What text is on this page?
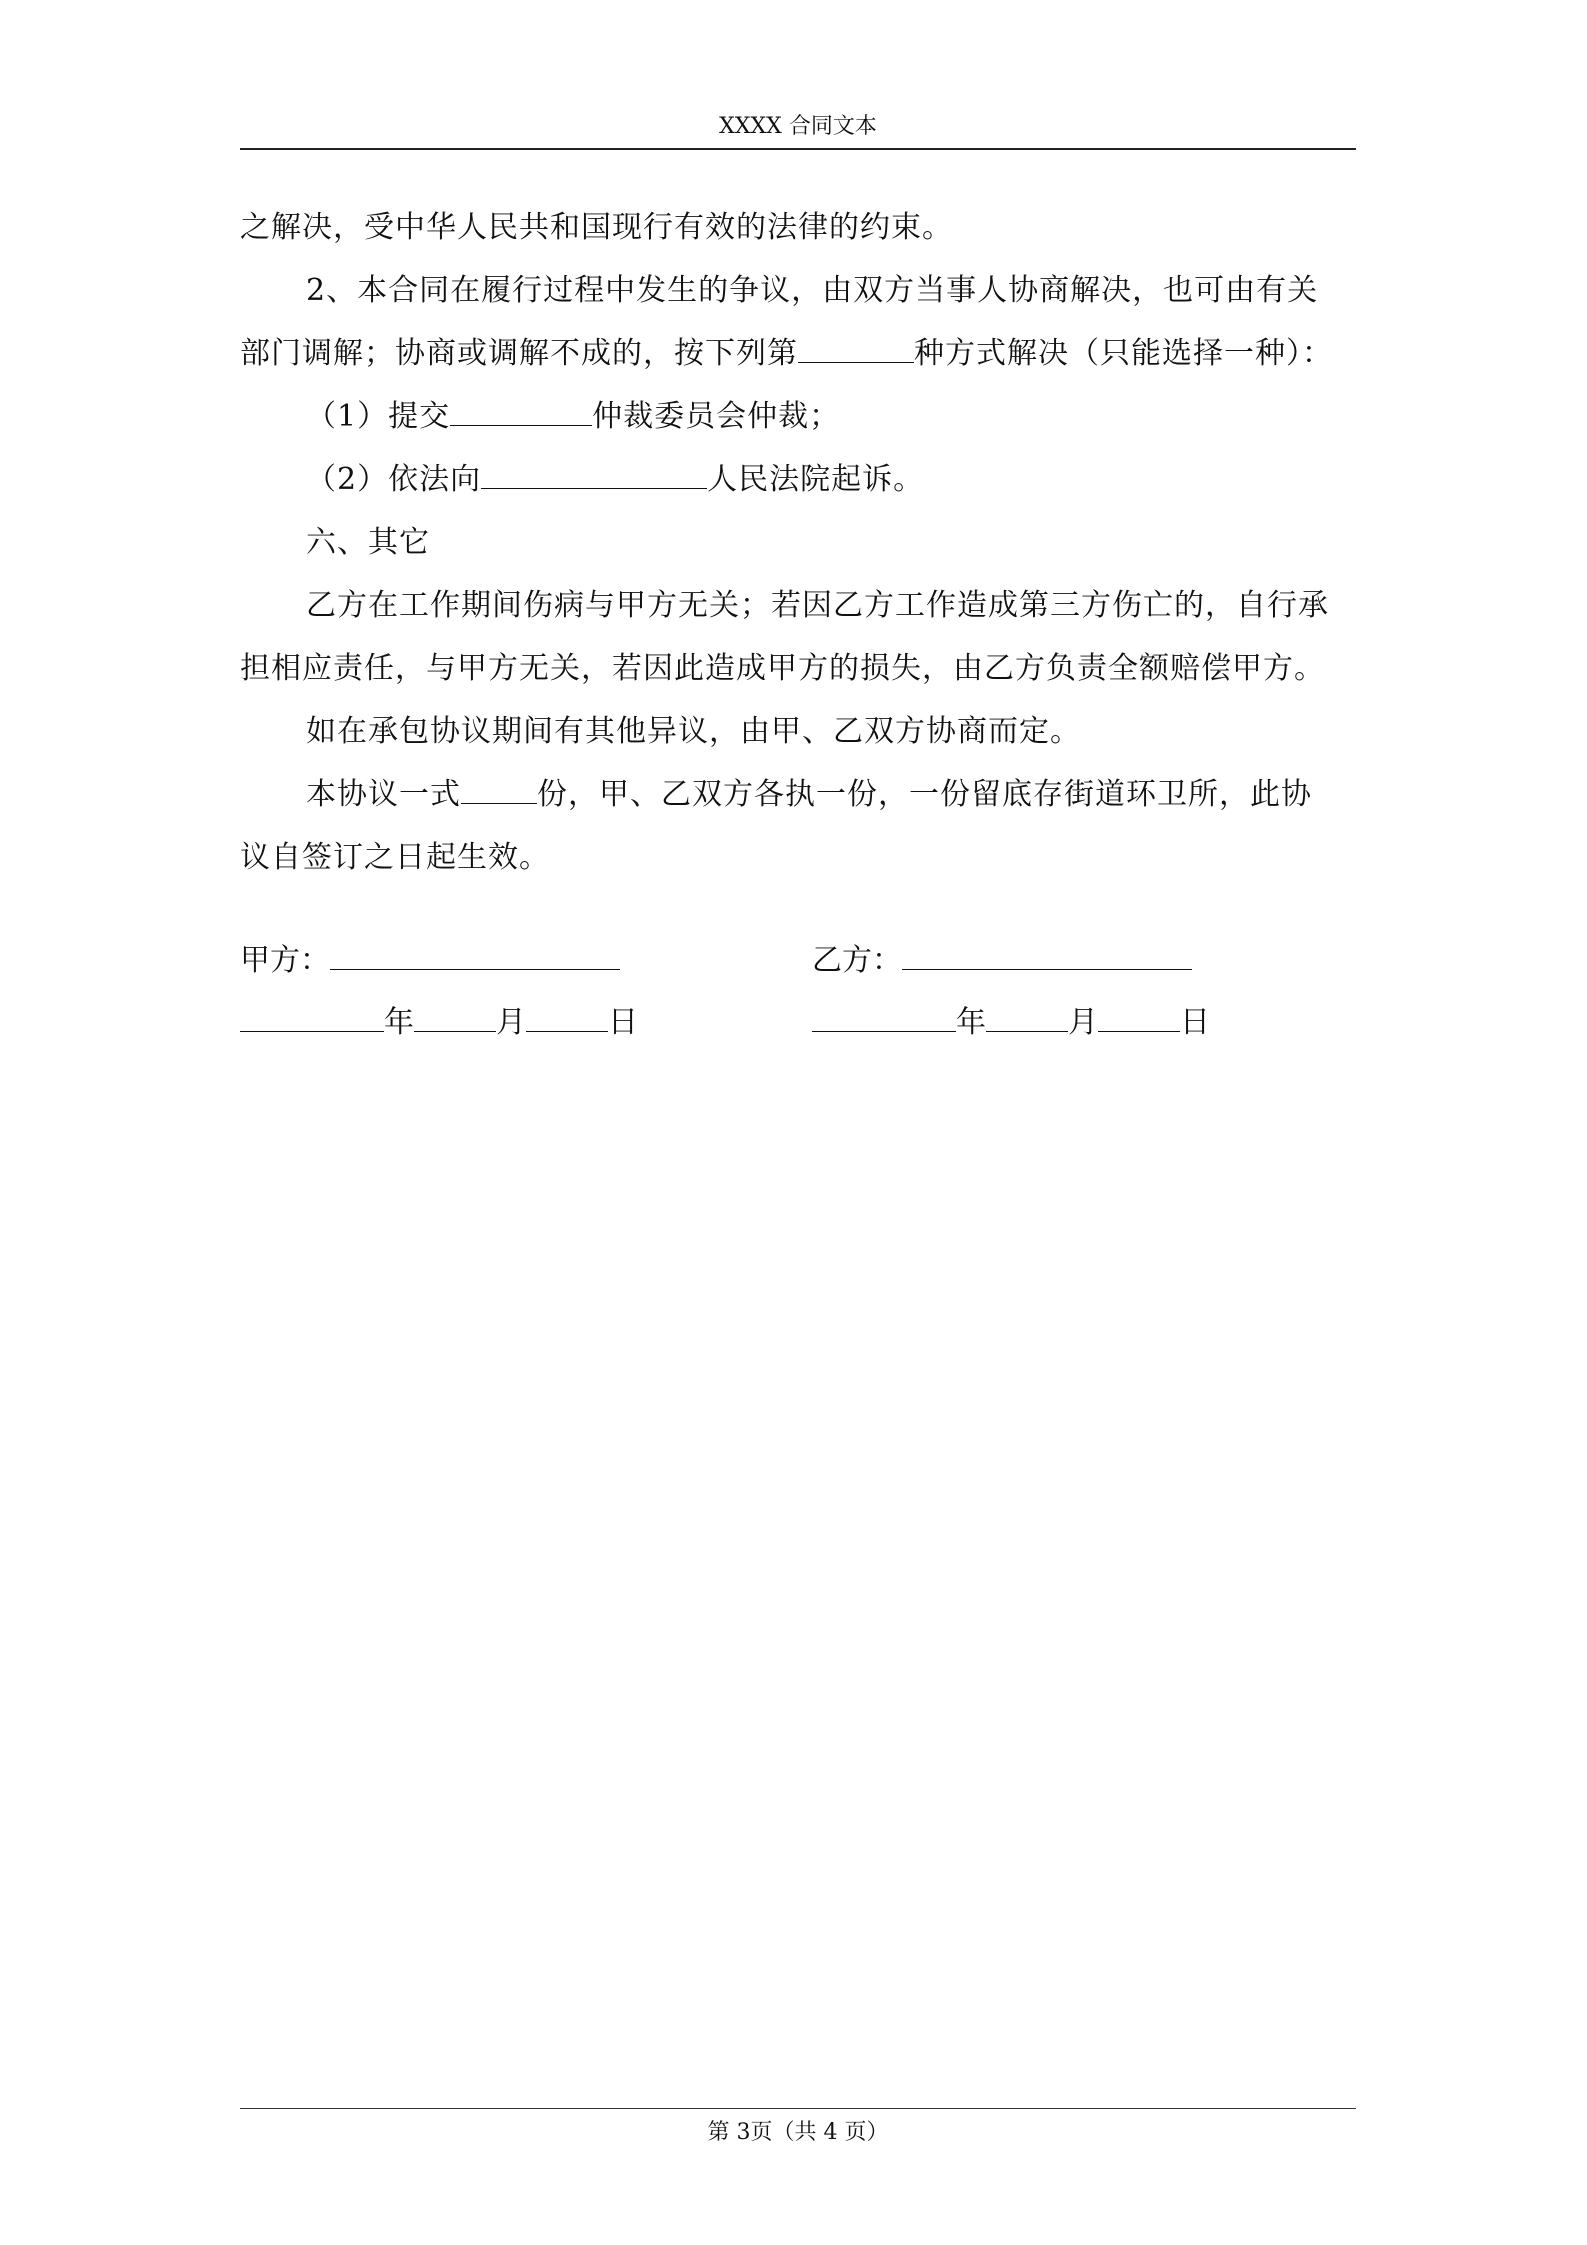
XXXX 合同文本

之解决，受中华人民共和国现行有效的法律的约束。

2、本合同在履行过程中发生的争议，由双方当事人协商解决，也可由有关

部门调解；协商或调解不成的，按下列第	种方式解决（只能选择一种）：

（1）提交	仲裁委员会仲裁；

（2）依法向	人民法院起诉。

六、其它

乙方在工作期间伤病与甲方无关；若因乙方工作造成第三方伤亡的，自行承

担相应责任，与甲方无关，若因此造成甲方的损失，由乙方负责全额赔偿甲方。

如在承包协议期间有其他异议，由甲、乙双方协商而定。

本协议一式	份，甲、乙双方各执一份，一份留底存街道环卫所，此协

议自签订之日起生效。

甲方：	乙方：
年	月	日	年	月	日
第 3页（共 4 页）
